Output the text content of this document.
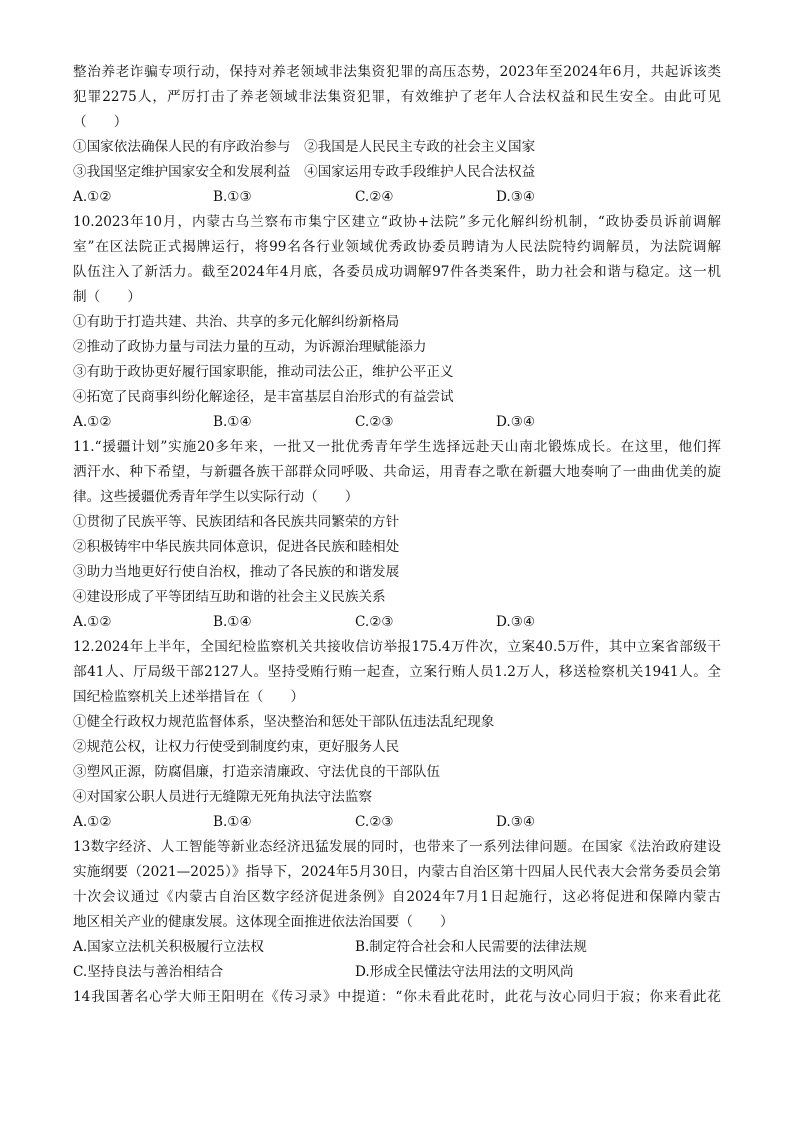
整治养老诈骗专项行动，保持对养老领域非法集资犯罪的高压态势，2023年至2024年6月，共起诉该类
犯罪2275人，严厉打击了养老领域非法集资犯罪，有效维护了老年人合法权益和民生安全。由此可见
（　　）
①国家依法确保人民的有序政治参与　②我国是人民民主专政的社会主义国家
③我国坚定维护国家安全和发展利益　④国家运用专政手段维护人民合法权益
A.①②	B.①③	C.②④	D.③④
10.2023年10月，内蒙古乌兰察布市集宁区建立“政协+法院”多元化解纠纷机制，“政协委员诉前调解
室”在区法院正式揭牌运行，将99名各行业领域优秀政协委员聘请为人民法院特约调解员，为法院调解
队伍注入了新活力。截至2024年4月底，各委员成功调解97件各类案件，助力社会和谐与稳定。这一机
制（　　）
①有助于打造共建、共治、共享的多元化解纠纷新格局
②推动了政协力量与司法力量的互动，为诉源治理赋能添力
③有助于政协更好履行国家职能，推动司法公正，维护公平正义
④拓宽了民商事纠纷化解途径，是丰富基层自治形式的有益尝试
A.①②	B.①④	C.②③	D.③④
11.“援疆计划”实施20多年来，一批又一批优秀青年学生选择远赴天山南北锻炼成长。在这里，他们挥
洒汗水、种下希望，与新疆各族干部群众同呼吸、共命运，用青春之歌在新疆大地奏响了一曲曲优美的旋
律。这些援疆优秀青年学生以实际行动（　　）
①贯彻了民族平等、民族团结和各民族共同繁荣的方针
②积极铸牢中华民族共同体意识，促进各民族和睦相处
③助力当地更好行使自治权，推动了各民族的和谐发展
④建设形成了平等团结互助和谐的社会主义民族关系
A.①②	B.①④	C.②③	D.③④
12.2024年上半年，全国纪检监察机关共接收信访举报175.4万件次，立案40.5万件，其中立案省部级干
部41人、厅局级干部2127人。坚持受贿行贿一起查，立案行贿人员1.2万人，移送检察机关1941人。全
国纪检监察机关上述举措旨在（　　）
①健全行政权力规范监督体系，坚决整治和惩处干部队伍违法乱纪现象
②规范公权，让权力行使受到制度约束，更好服务人民
③塑风正源，防腐倡廉，打造亲清廉政、守法优良的干部队伍
④对国家公职人员进行无缝隙无死角执法守法监察
A.①②	B.①④	C.②③	D.③④
13数字经济、人工智能等新业态经济迅猛发展的同时，也带来了一系列法律问题。在国家《法治政府建设
实施纲要（2021—2025）》指导下，2024年5月30日，内蒙古自治区第十四届人民代表大会常务委员会第
十次会议通过《内蒙古自治区数字经济促进条例》自2024年7月1日起施行，这必将促进和保障内蒙古
地区相关产业的健康发展。这体现全面推进依法治国要（　　）
A.国家立法机关积极履行立法权	B.制定符合社会和人民需要的法律法规
C.坚持良法与善治相结合	D.形成全民懂法守法用法的文明风尚
14我国著名心学大师王阳明在《传习录》中提道：“你未看此花时，此花与汝心同归于寂；你来看此花
